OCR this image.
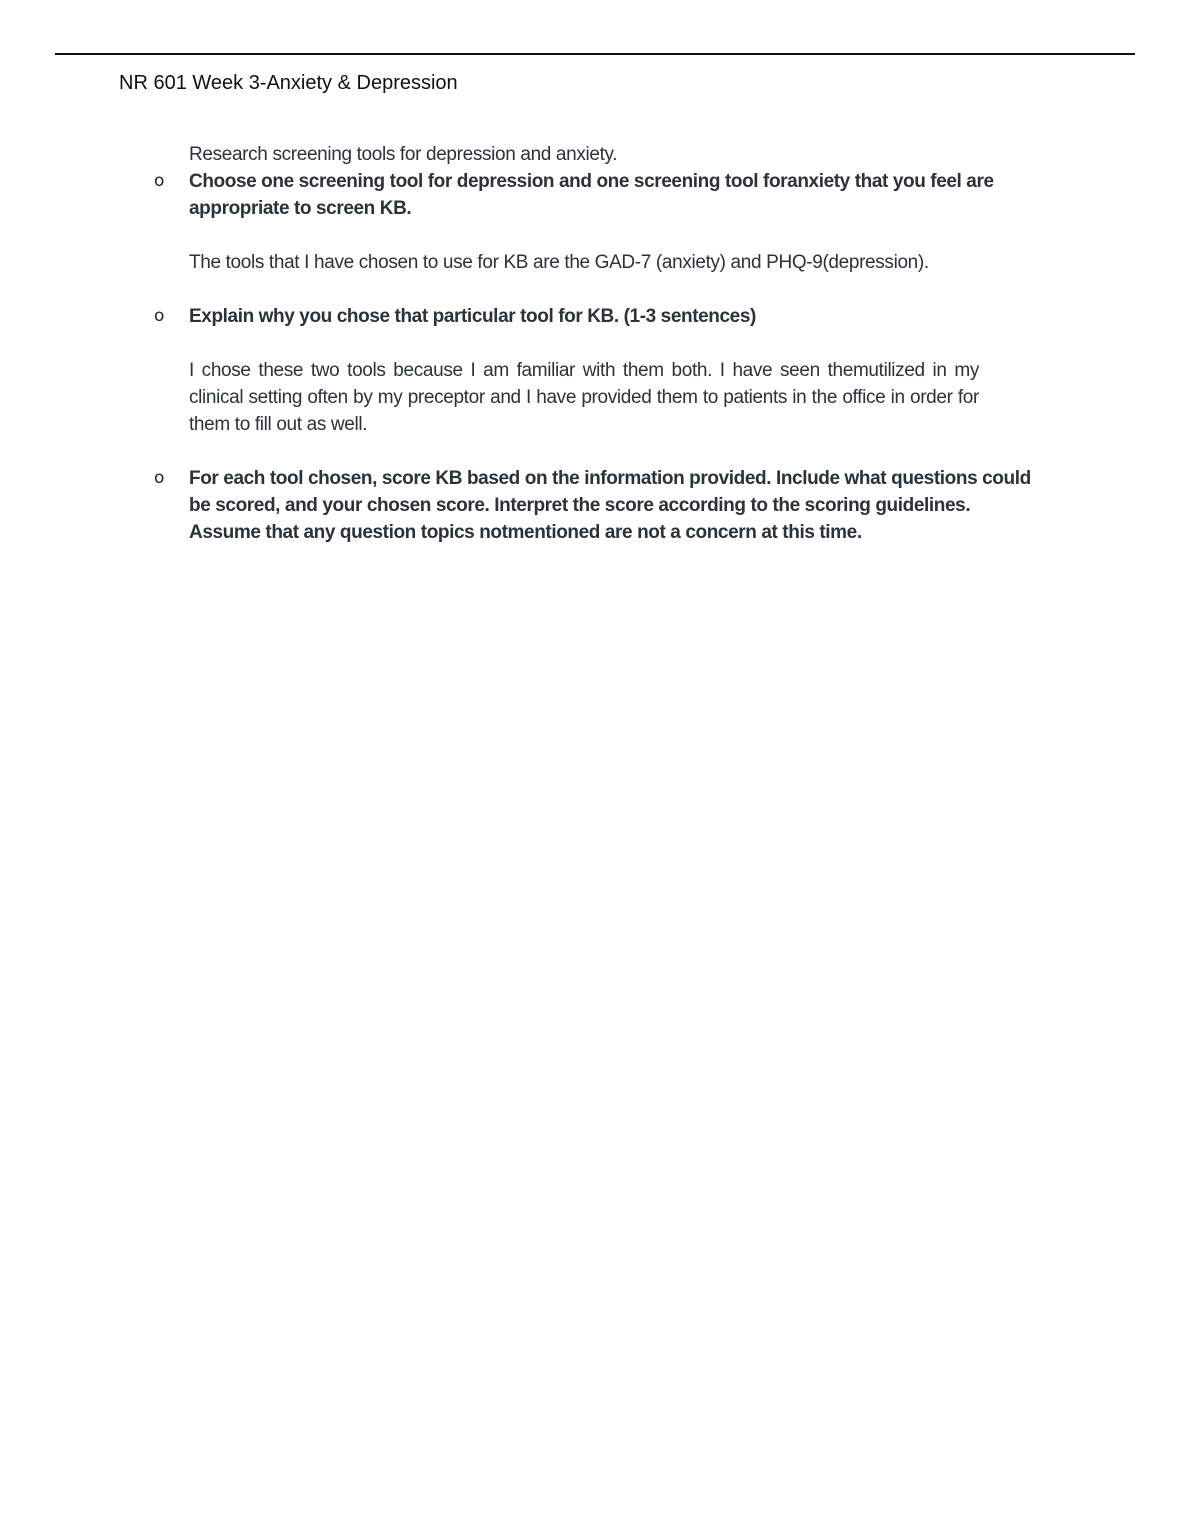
NR 601 Week 3-Anxiety & Depression
Research screening tools for depression and anxiety.
o Choose one screening tool for depression and one screening tool foranxiety that you feel are appropriate to screen KB.
The tools that I have chosen to use for KB are the GAD-7 (anxiety) and PHQ-9(depression).
o Explain why you chose that particular tool for KB. (1-3 sentences)
I chose these two tools because I am familiar with them both. I have seen themutilized in my clinical setting often by my preceptor and I have provided them to patients in the office in order for them to fill out as well.
o For each tool chosen, score KB based on the information provided. Include what questions could be scored, and your chosen score. Interpret the score according to the scoring guidelines. Assume that any question topics notmentioned are not a concern at this time.
